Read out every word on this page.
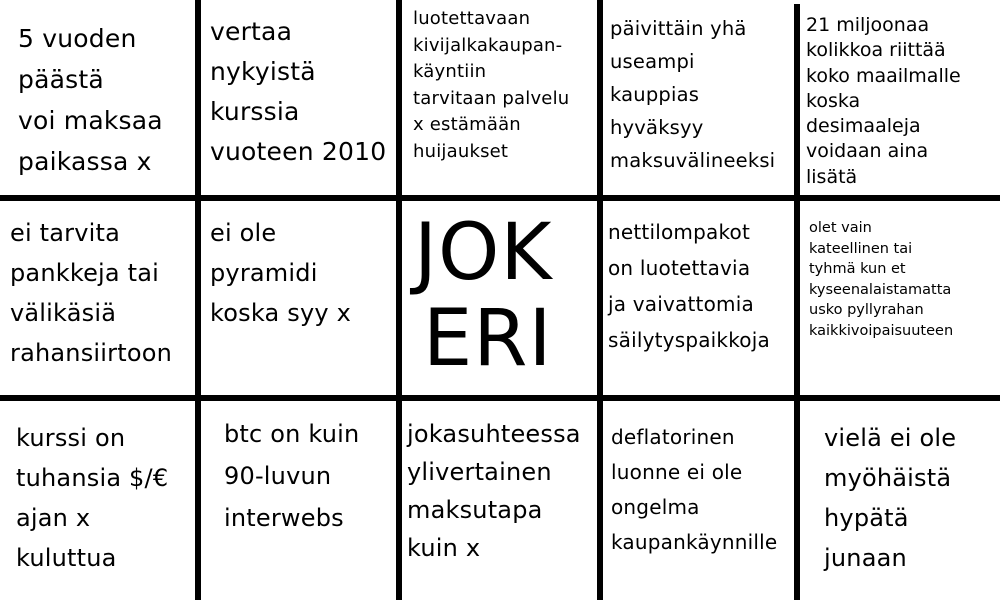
5 vuoden
päästä
voi maksaa
paikassa x
vertaa
nykyistä
kurssia
vuoteen 2010
luotettavaan
kivijalkakaupan-
käyntiin
tarvitaan palvelu
x estämään
huijaukset
päivittäin yhä
useampi
kauppias
hyväksyy
maksuvälineeksi
21 miljoonaa
kolikkoa riittää
koko maailmalle
koska
desimaaleja
voidaan aina
lisätä
ei tarvita
pankkeja tai
välikäsiä
rahansiirtoon
ei ole
pyramidi
koska syy x
JOK
ERI
nettilompakot
on luotettavia
ja vaivattomia
säilytyspaikkoja
olet vain
kateellinen tai
tyhmä kun et
kyseenalaistamatta
usko pyllyrahan
kaikkivoipaisuuteen
kurssi on
tuhansia $/€
ajan x
kuluttua
btc on kuin
90-luvun
interwebs
jokasuhteessa
ylivertainen
maksutapa
kuin x
deflatorinen
luonne ei ole
ongelma
kaupankäynnille
vielä ei ole
myöhäistä
hypätä
junaan
